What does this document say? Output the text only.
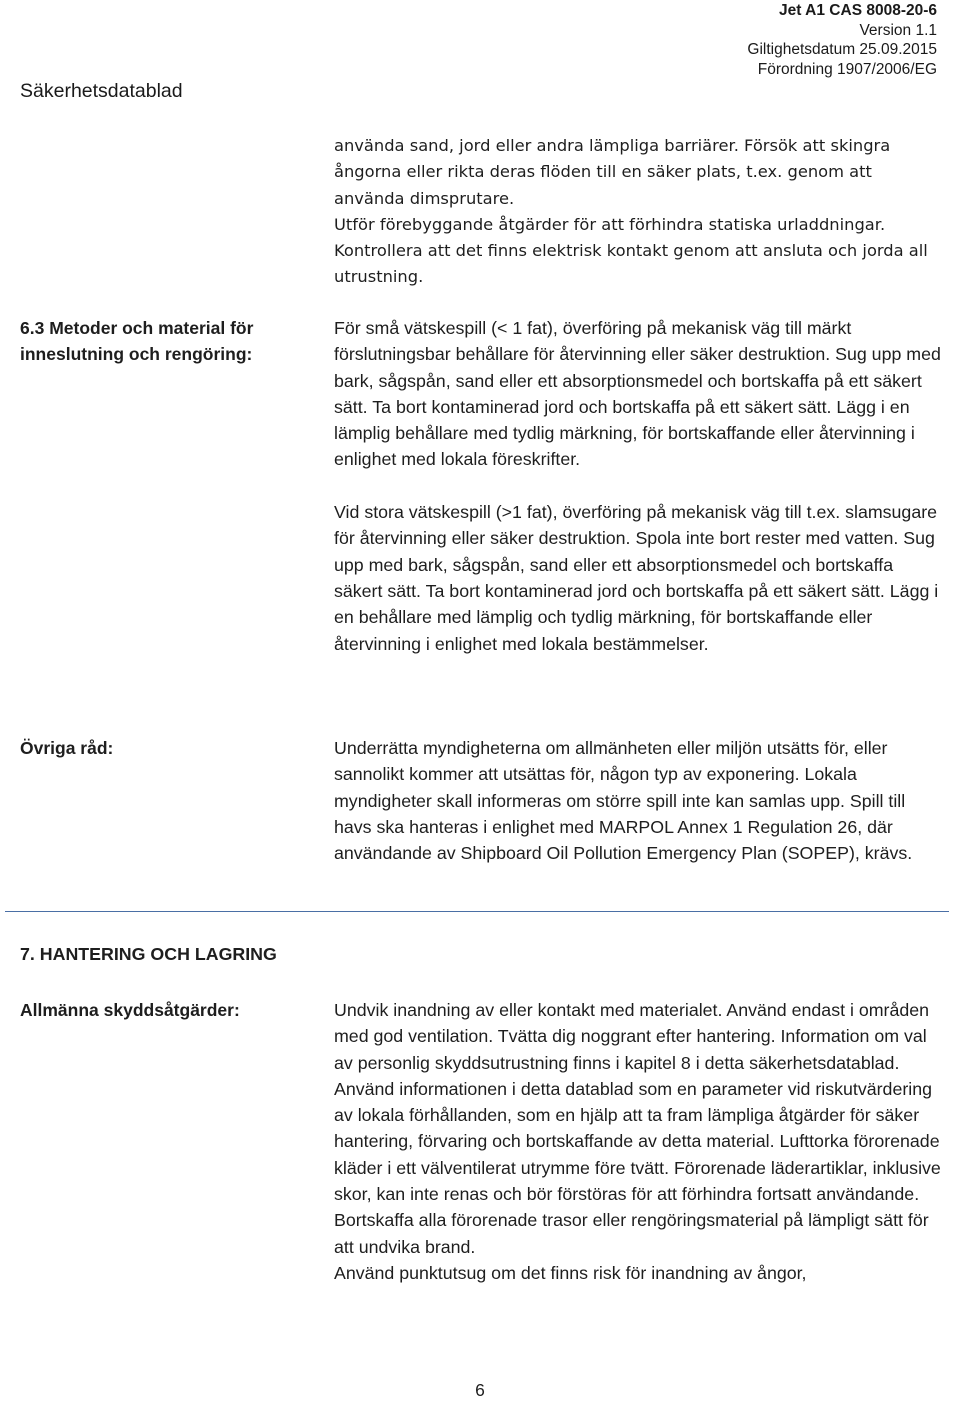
Jet A1 CAS 8008-20-6
Version 1.1
Giltighetsdatum 25.09.2015
Förordning 1907/2006/EG
Säkerhetsdatablad

använda sand, jord eller andra lämpliga barriärer. Försök att skingra ångorna eller rikta deras flöden till en säker plats, t.ex. genom att använda dimsprutare.

Utför förebyggande åtgärder för att förhindra statiska urladdningar. Kontrollera att det finns elektrisk kontakt genom att ansluta och jorda all utrustning.

6.3 Metoder och material för inneslutning och rengöring:

För små vätskespill (< 1 fat), överföring på mekanisk väg till märkt förslutningsbar behållare för återvinning eller säker destruktion. Sug upp med bark, sågspån, sand eller ett absorptionsmedel och bortskaffa på ett säkert sätt. Ta bort kontaminerad jord och bortskaffa på ett säkert sätt. Lägg i en lämplig behållare med tydlig märkning, för bortskaffande eller återvinning i enlighet med lokala föreskrifter.

Vid stora vätskespill (>1 fat), överföring på mekanisk väg till t.ex. slamsugare för återvinning eller säker destruktion. Spola inte bort rester med vatten. Sug upp med bark, sågspån, sand eller ett absorptionsmedel och bortskaffa säkert sätt. Ta bort kontaminerad jord och bortskaffa på ett säkert sätt. Lägg i en behållare med lämplig och tydlig märkning, för bortskaffande eller återvinning i enlighet med lokala bestämmelser.

Övriga råd:	Underrätta myndigheterna om allmänheten eller miljön utsätts för, eller sannolikt kommer att utsättas för, någon typ av exponering. Lokala myndigheter skall informeras om större spill inte kan samlas upp. Spill till havs ska hanteras i enlighet med MARPOL Annex 1 Regulation 26, där användande av Shipboard Oil Pollution Emergency Plan (SOPEP), krävs.

7. HANTERING OCH LAGRING
Allmänna skyddsåtgärder:	Undvik inandning av eller kontakt med materialet. Använd endast i områden med god ventilation. Tvätta dig noggrant efter hantering. Information om val av personlig skyddsutrustning finns i kapitel 8 i detta säkerhetsdatablad.

Använd informationen i detta datablad som en parameter vid riskutvärdering av lokala förhållanden, som en hjälp att ta fram lämpliga åtgärder för säker hantering, förvaring och bortskaffande av detta material. Lufttorka förorenade kläder i ett välventilerat utrymme före tvätt. Förorenade läderartiklar, inklusive skor, kan inte renas och bör förstöras för att förhindra fortsatt användande. Bortskaffa alla förorenade trasor eller rengöringsmaterial på lämpligt sätt för att undvika brand.

Använd punktutsug om det finns risk för inandning av ångor,

6
